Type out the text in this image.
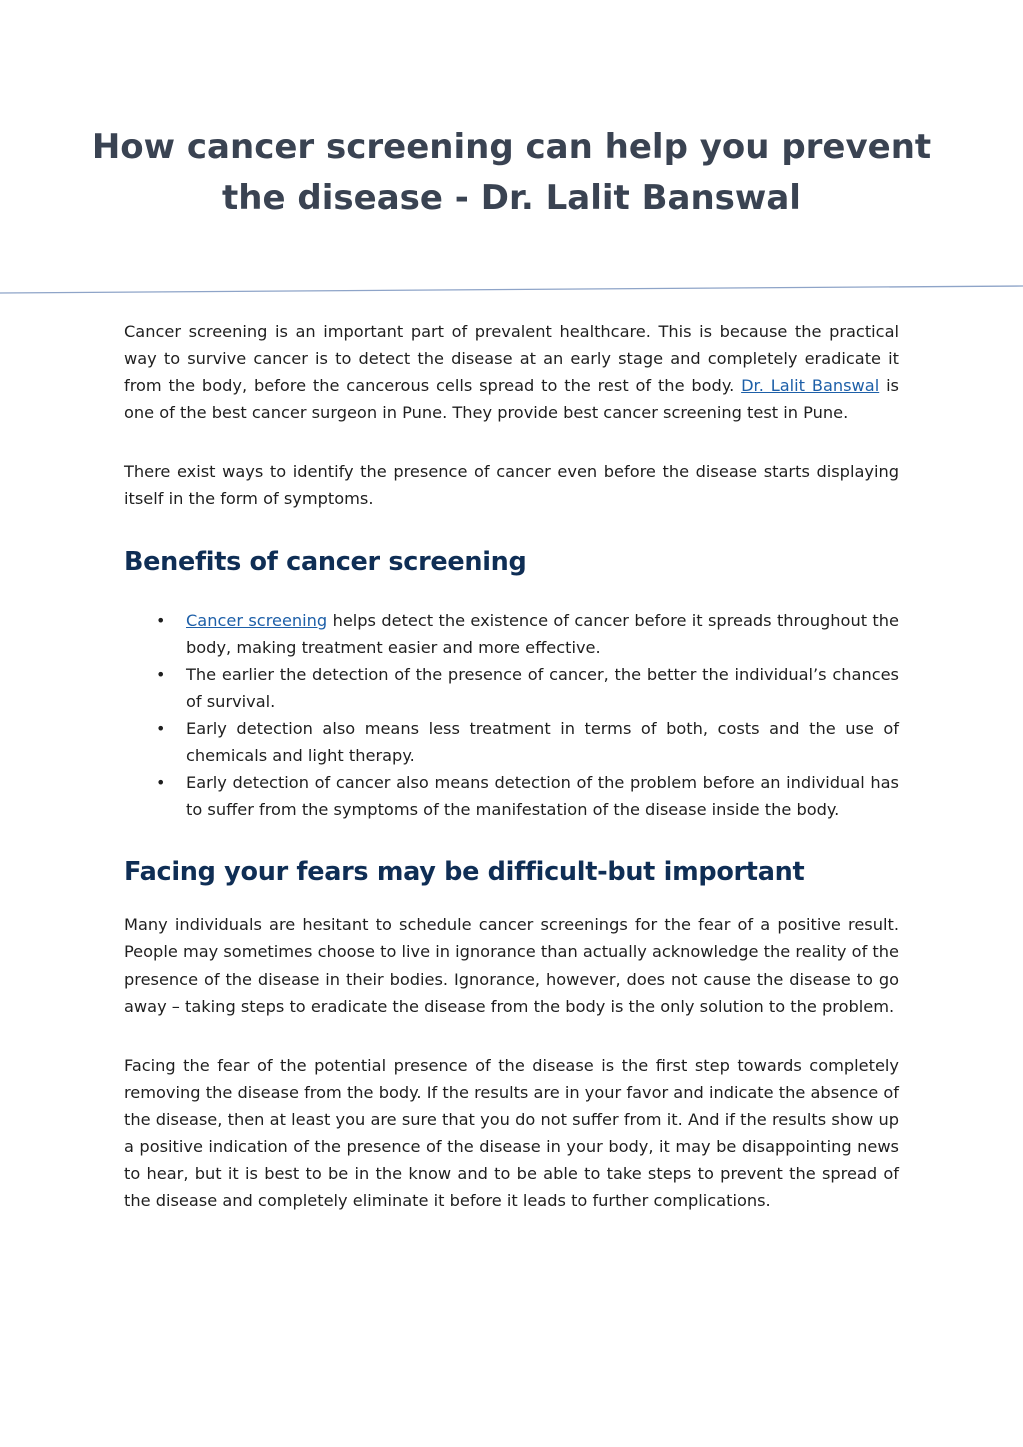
How cancer screening can help you prevent
the disease - Dr. Lalit Banswal

Cancer screening is an important part of prevalent healthcare. This is because the practical way to survive cancer is to detect the disease at an early stage and completely eradicate it from the body, before the cancerous cells spread to the rest of the body. Dr. Lalit Banswal is one of the best cancer surgeon in Pune. They provide best cancer screening test in Pune.

There exist ways to identify the presence of cancer even before the disease starts displaying itself in the form of symptoms.

Benefits of cancer screening
• Cancer screening helps detect the existence of cancer before it spreads throughout the body, making treatment easier and more effective.
• The earlier the detection of the presence of cancer, the better the individual’s chances of survival.
• Early detection also means less treatment in terms of both, costs and the use of chemicals and light therapy.
• Early detection of cancer also means detection of the problem before an individual has to suffer from the symptoms of the manifestation of the disease inside the body.
Facing your fears may be difficult-but important

Many individuals are hesitant to schedule cancer screenings for the fear of a positive result. People may sometimes choose to live in ignorance than actually acknowledge the reality of the presence of the disease in their bodies. Ignorance, however, does not cause the disease to go away – taking steps to eradicate the disease from the body is the only solution to the problem.

Facing the fear of the potential presence of the disease is the first step towards completely removing the disease from the body. If the results are in your favor and indicate the absence of the disease, then at least you are sure that you do not suffer from it. And if the results show up a positive indication of the presence of the disease in your body, it may be disappointing news to hear, but it is best to be in the know and to be able to take steps to prevent the spread of the disease and completely eliminate it before it leads to further complications.
